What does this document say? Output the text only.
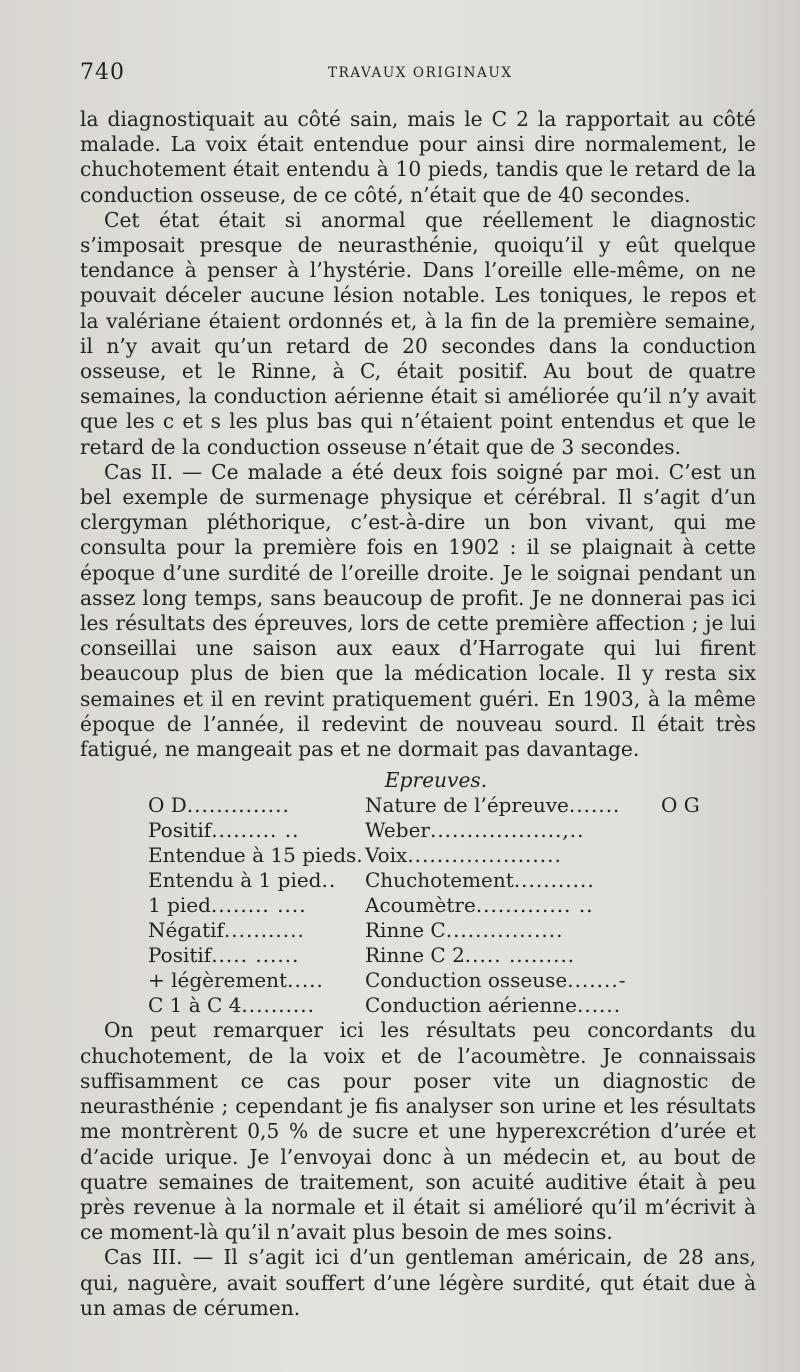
740	TRAVAUX ORIGINAUX

la diagnostiquait au côté sain, mais le C 2 la rapportait au côté malade. La voix était entendue pour ainsi dire normalement, le chuchotement était entendu à 10 pieds, tandis que le retard de la conduction osseuse, de ce côté, n’était que de 40 secondes.

Cet état était si anormal que réellement le diagnostic s’imposait presque de neurasthénie, quoiqu’il y eût quelque tendance à penser à l’hystérie. Dans l’oreille elle-même, on ne pouvait déceler aucune lésion notable. Les toniques, le repos et la valériane étaient ordonnés et, à la fin de la première semaine, il n’y avait qu’un retard de 20 secondes dans la conduction osseuse, et le Rinne, à C, était positif. Au bout de quatre semaines, la conduction aérienne était si améliorée qu’il n’y avait que les c et s les plus bas qui n’étaient point entendus et que le retard de la conduction osseuse n’était que de 3 secondes.

Cas II. — Ce malade a été deux fois soigné par moi. C’est un bel exemple de surmenage physique et cérébral. Il s’agit d’un clergyman pléthorique, c’est-à-dire un bon vivant, qui me consulta pour la première fois en 1902 : il se plaignait à cette époque d’une surdité de l’oreille droite. Je le soignai pendant un assez long temps, sans beaucoup de profit. Je ne donnerai pas ici les résultats des épreuves, lors de cette première affection ; je lui conseillai une saison aux eaux d’Harrogate qui lui firent beaucoup plus de bien que la médication locale. Il y resta six semaines et il en revint pratiquement guéri. En 1903, à la même époque de l’année, il redevint de nouveau sourd. Il était très fatigué, ne mangeait pas et ne dormait pas davantage.

Epreuves.
O D..............	Nature de l’épreuve.......	O G
Positif......... ..	Weber..................,..	
Entendue à 15 pieds.	Voix.....................	
Entendu à 1 pied..	Chuchotement...........	
1 pied........ ....	Acoumètre............. ..	
Négatif...........	Rinne C................	
Positif..... ......	Rinne C 2..... .........	
+ légèrement.....	Conduction osseuse.......-	
C 1 à C 4..........	Conduction aérienne......	

On peut remarquer ici les résultats peu concordants du chuchotement, de la voix et de l’acoumètre. Je connaissais suffisamment ce cas pour poser vite un diagnostic de neurasthénie ; cependant je fis analyser son urine et les résultats me montrèrent 0,5 % de sucre et une hyperexcrétion d’urée et d’acide urique. Je l’envoyai donc à un médecin et, au bout de quatre semaines de traitement, son acuité auditive était à peu près revenue à la normale et il était si amélioré qu’il m’écrivit à ce moment-là qu’il n’avait plus besoin de mes soins.

Cas III. — Il s’agit ici d’un gentleman américain, de 28 ans, qui, naguère, avait souffert d’une légère surdité, qut était due à un amas de cérumen.
